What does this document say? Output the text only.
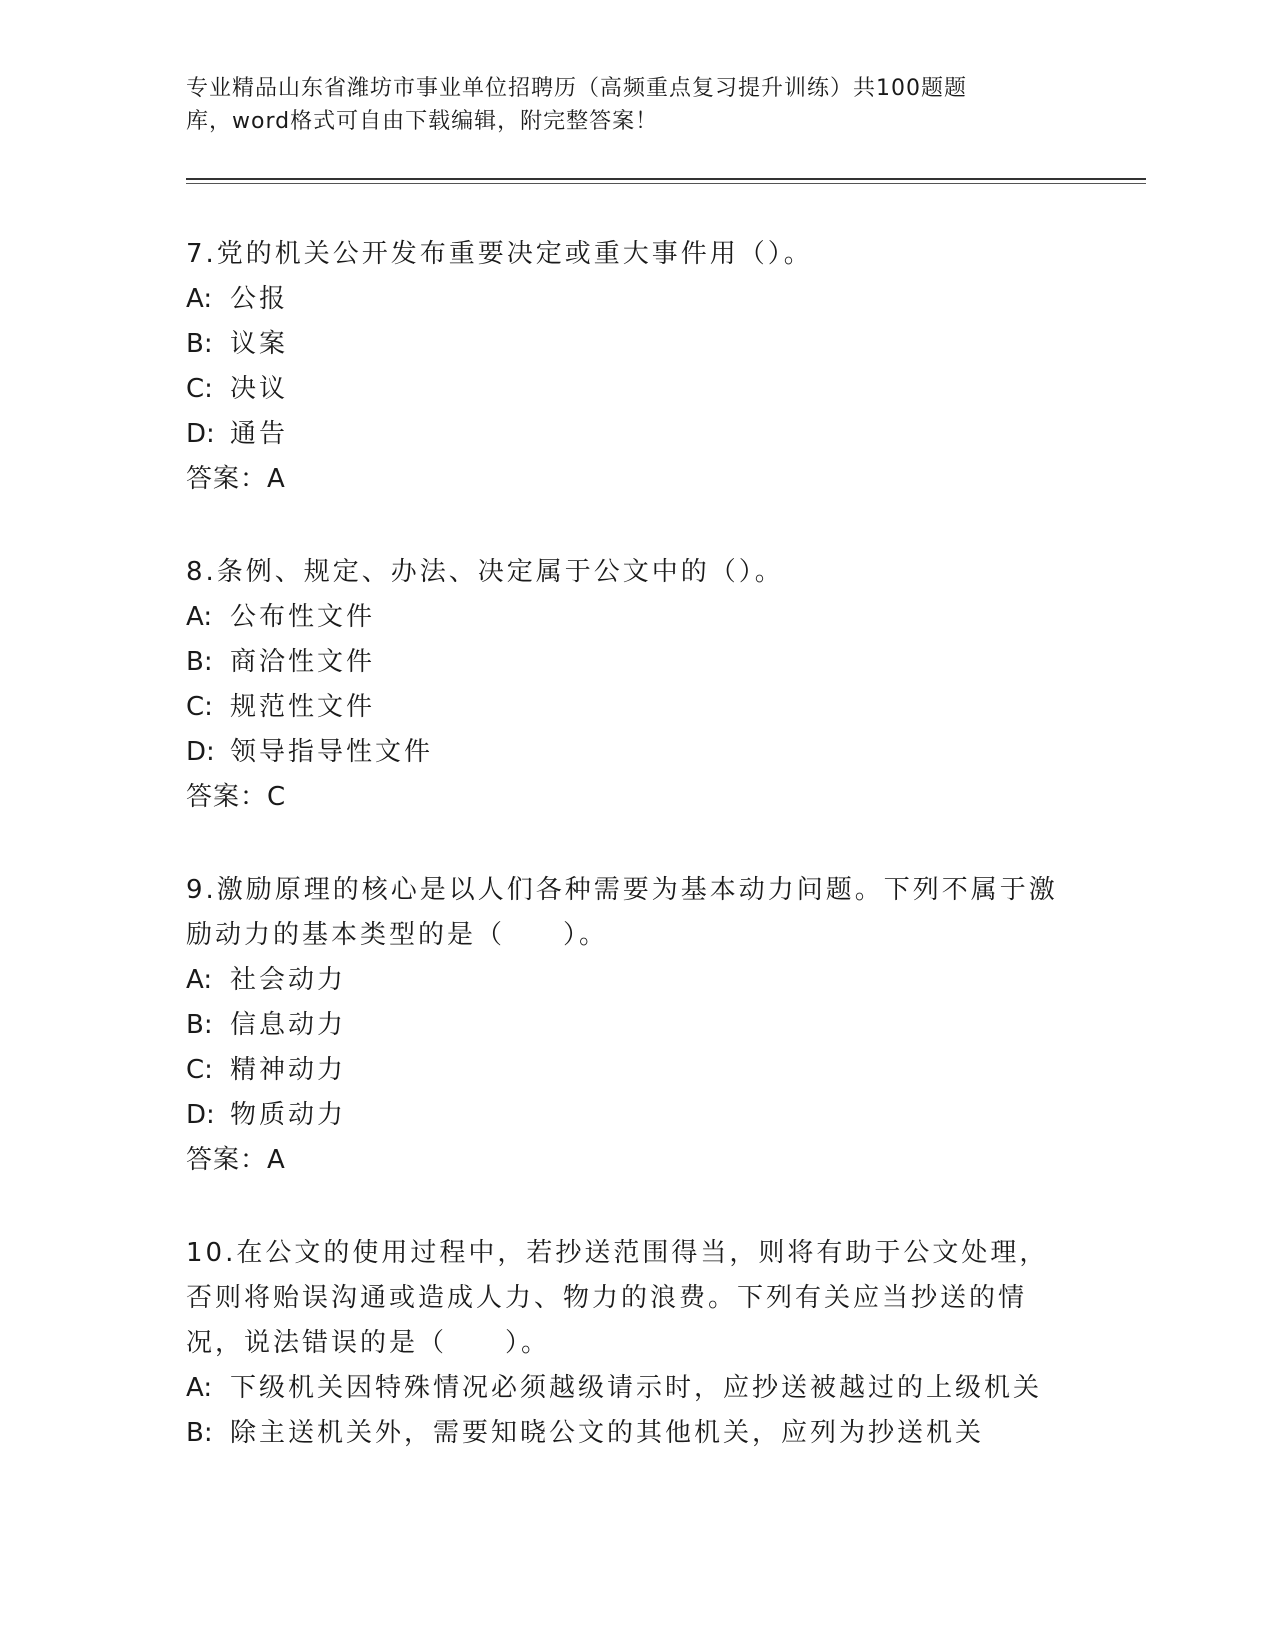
专业精品山东省潍坊市事业单位招聘历（高频重点复习提升训练）共100题题库，word格式可自由下载编辑，附完整答案！

7.党的机关公开发布重要决定或重大事件用（）。

A: 公报
B: 议案
C: 决议
D: 通告
答案：A

8.条例、规定、办法、决定属于公文中的（）。

A: 公布性文件
B: 商洽性文件
C: 规范性文件
D: 领导指导性文件
答案：C

9.激励原理的核心是以人们各种需要为基本动力问题。下列不属于激励动力的基本类型的是（　　）。

A: 社会动力
B: 信息动力
C: 精神动力
D: 物质动力
答案：A

10.在公文的使用过程中，若抄送范围得当，则将有助于公文处理，否则将贻误沟通或造成人力、物力的浪费。下列有关应当抄送的情况，说法错误的是（　　）。

A: 下级机关因特殊情况必须越级请示时，应抄送被越过的上级机关
B: 除主送机关外，需要知晓公文的其他机关，应列为抄送机关
